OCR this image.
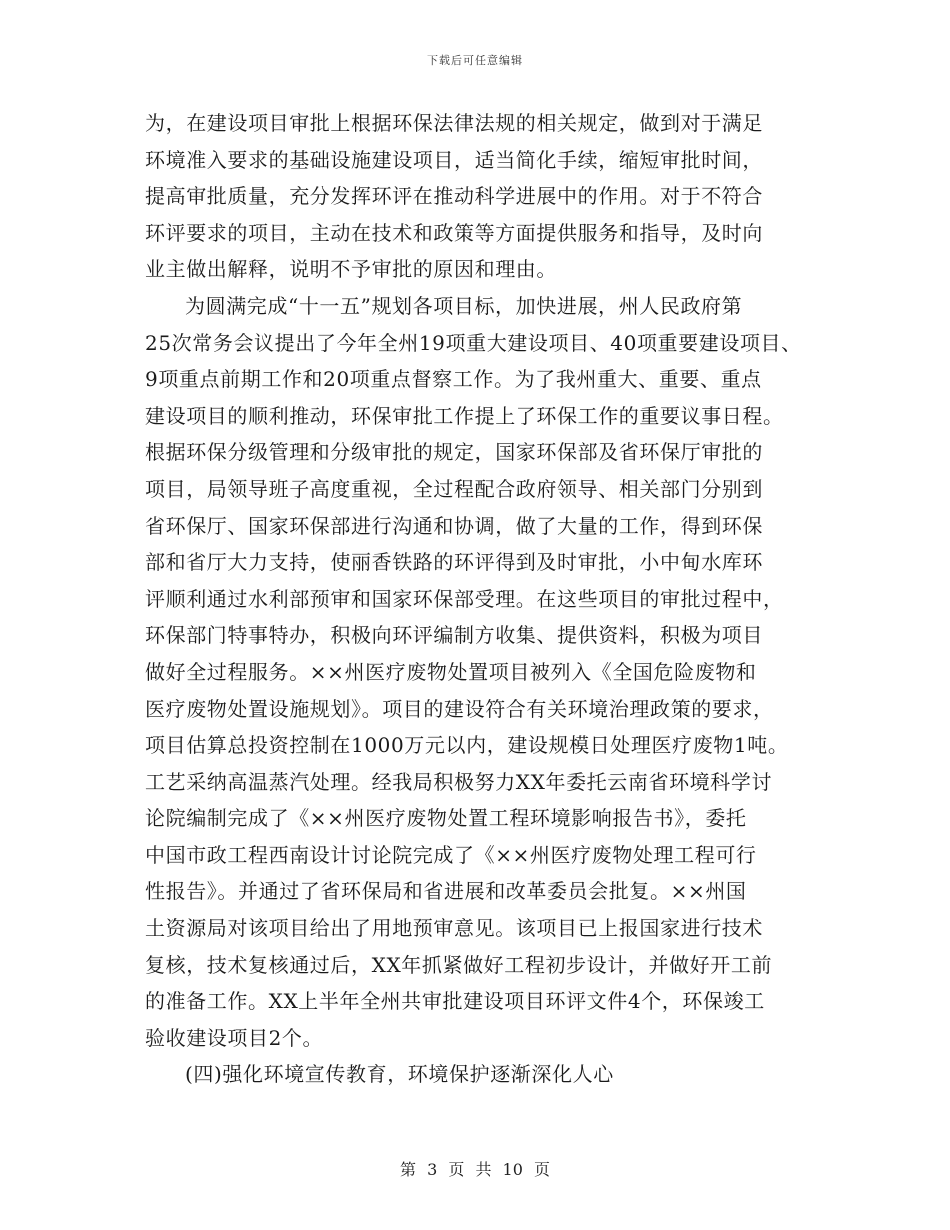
下载后可任意编辑
为，在建设项目审批上根据环保法律法规的相关规定，做到对于满足
环境准入要求的基础设施建设项目，适当简化手续，缩短审批时间，
提高审批质量，充分发挥环评在推动科学进展中的作用。对于不符合
环评要求的项目，主动在技术和政策等方面提供服务和指导，及时向
业主做出解释，说明不予审批的原因和理由。
为圆满完成“十一五”规划各项目标，加快进展，州人民政府第
25次常务会议提出了今年全州19项重大建设项目、40项重要建设项目、
9项重点前期工作和20项重点督察工作。为了我州重大、重要、重点
建设项目的顺利推动，环保审批工作提上了环保工作的重要议事日程。
根据环保分级管理和分级审批的规定，国家环保部及省环保厅审批的
项目，局领导班子高度重视，全过程配合政府领导、相关部门分别到
省环保厅、国家环保部进行沟通和协调，做了大量的工作，得到环保
部和省厅大力支持，使丽香铁路的环评得到及时审批，小中甸水库环
评顺利通过水利部预审和国家环保部受理。在这些项目的审批过程中，
环保部门特事特办，积极向环评编制方收集、提供资料，积极为项目
做好全过程服务。××州医疗废物处置项目被列入《全国危险废物和
医疗废物处置设施规划》。项目的建设符合有关环境治理政策的要求，
项目估算总投资控制在1000万元以内，建设规模日处理医疗废物1吨。
工艺采纳高温蒸汽处理。经我局积极努力XX年委托云南省环境科学讨
论院编制完成了《××州医疗废物处置工程环境影响报告书》，委托
中国市政工程西南设计讨论院完成了《××州医疗废物处理工程可行
性报告》。并通过了省环保局和省进展和改革委员会批复。××州国
土资源局对该项目给出了用地预审意见。该项目已上报国家进行技术
复核，技术复核通过后，XX年抓紧做好工程初步设计，并做好开工前
的准备工作。XX上半年全州共审批建设项目环评文件4个，环保竣工
验收建设项目2个。
(四)强化环境宣传教育，环境保护逐渐深化人心
第 3 页 共 10 页
